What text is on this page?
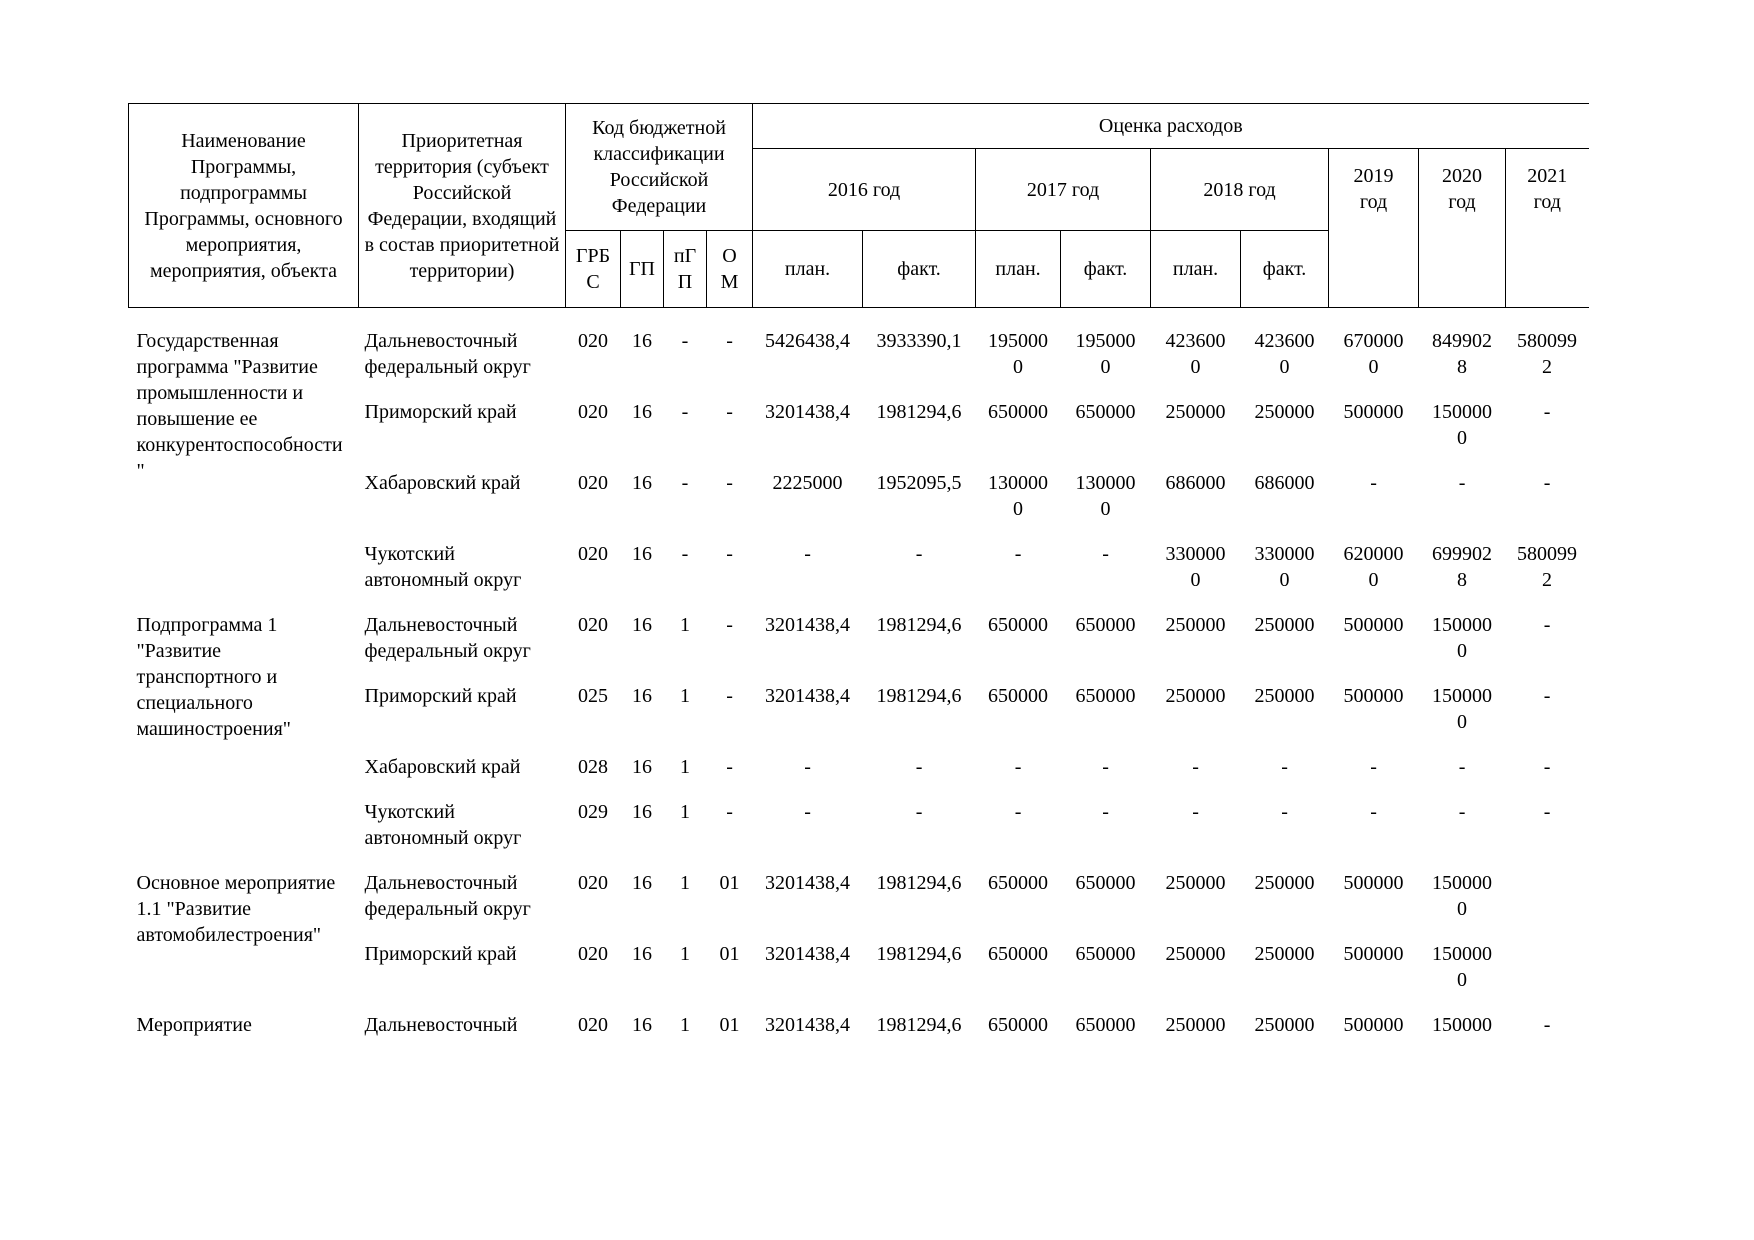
Наименование Программы, подпрограммы Программы, основного мероприятия, мероприятия, объекта	Приоритетная территория (субъект Российской Федерации, входящий в состав приоритетной территории)	Код бюджетной классификации Российской Федерации				Оценка расходов								
						2016 год		2017 год		2018 год		2019 год	2020 год	2021 год
		ГРБС	ГП	пГП	ОМ	план.	факт.	план.	факт.	план.	факт.			
Государственная программа "Развитие промышленности и повышение ее конкурентоспособности"	Дальневосточный федеральный округ	020	16	-	-	5426438,4	3933390,1	1950000	1950000	4236000	4236000	6700000	8499028	5800992
	Приморский край	020	16	-	-	3201438,4	1981294,6	650000	650000	250000	250000	500000	1500000	-
	Хабаровский край	020	16	-	-	2225000	1952095,5	1300000	1300000	686000	686000	-	-	-
	Чукотский автономный округ	020	16	-	-	-	-	-	-	3300000	3300000	6200000	6999028	5800992
Подпрограмма 1 "Развитие транспортного и специального машиностроения"	Дальневосточный федеральный округ	020	16	1	-	3201438,4	1981294,6	650000	650000	250000	250000	500000	1500000	-
	Приморский край	025	16	1	-	3201438,4	1981294,6	650000	650000	250000	250000	500000	1500000	-
	Хабаровский край	028	16	1	-	-	-	-	-	-	-	-	-	-
	Чукотский автономный округ	029	16	1	-	-	-	-	-	-	-	-	-	-
Основное мероприятие 1.1 "Развитие автомобилестроения"	Дальневосточный федеральный округ	020	16	1	01	3201438,4	1981294,6	650000	650000	250000	250000	500000	1500000	
	Приморский край	020	16	1	01	3201438,4	1981294,6	650000	650000	250000	250000	500000	1500000	
Мероприятие	Дальневосточный	020	16	1	01	3201438,4	1981294,6	650000	650000	250000	250000	500000	150000	-
